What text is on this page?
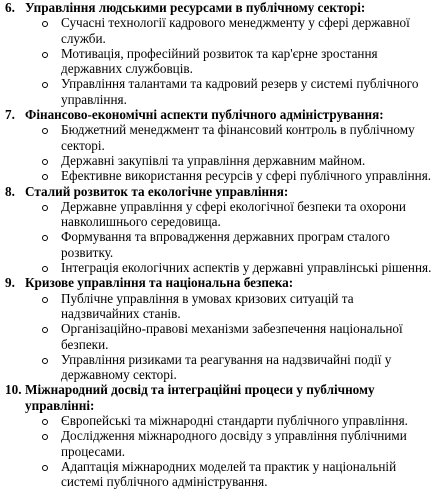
6. Управління людськими ресурсами в публічному секторі:
Сучасні технології кадрового менеджменту у сфері державної служби.
Мотивація, професійний розвиток та кар'єрне зростання державних службовців.
Управління талантами та кадровий резерв у системі публічного управління.
7. Фінансово-економічні аспекти публічного адміністрування:
Бюджетний менеджмент та фінансовий контроль в публічному секторі.
Державні закупівлі та управління державним майном.
Ефективне використання ресурсів у сфері публічного управління.
8. Сталий розвиток та екологічне управління:
Державне управління у сфері екологічної безпеки та охорони навколишнього середовища.
Формування та впровадження державних програм сталого розвитку.
Інтеграція екологічних аспектів у державні управлінські рішення.
9. Кризове управління та національна безпека:
Публічне управління в умовах кризових ситуацій та надзвичайних станів.
Організаційно-правові механізми забезпечення національної безпеки.
Управління ризиками та реагування на надзвичайні події у державному секторі.
10. Міжнародний досвід та інтеграційні процеси у публічному управлінні:
Європейські та міжнародні стандарти публічного управління.
Дослідження міжнародного досвіду з управління публічними процесами.
Адаптація міжнародних моделей та практик у національній системі публічного адміністрування.
